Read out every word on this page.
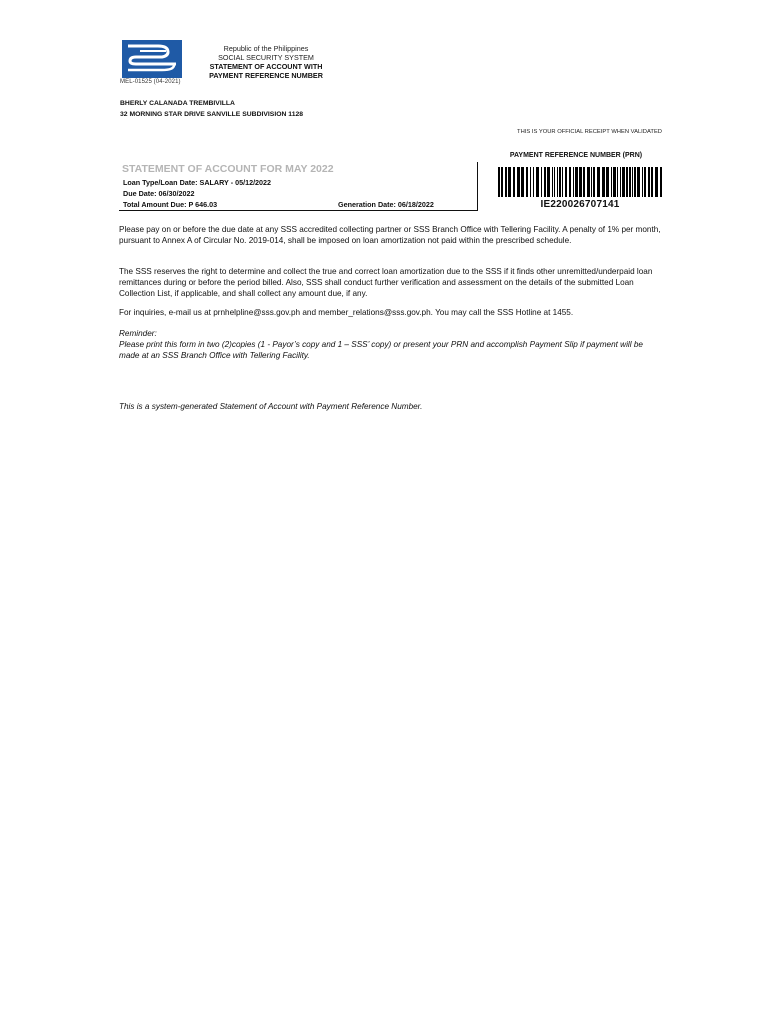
MEL-01525 (04-2021)
Republic of the Philippines
SOCIAL SECURITY SYSTEM
STATEMENT OF ACCOUNT WITH
PAYMENT REFERENCE NUMBER
BHERLY CALANADA TREMBIVILLA
32 MORNING STAR DRIVE SANVILLE SUBDIVISION 1128
THIS IS YOUR OFFICIAL RECEIPT WHEN VALIDATED
PAYMENT REFERENCE NUMBER (PRN)
IE220026707141
STATEMENT OF ACCOUNT FOR MAY 2022
Loan Type/Loan Date: SALARY - 05/12/2022
Due Date: 06/30/2022
Total Amount Due: P 646.03	Generation Date: 06/18/2022
Please pay on or before the due date at any SSS accredited collecting partner or SSS Branch Office with Tellering Facility. A penalty of 1% per month, pursuant to Annex A of Circular No. 2019-014, shall be imposed on loan amortization not paid within the prescribed schedule.
The SSS reserves the right to determine and collect the true and correct loan amortization due to the SSS if it finds other unremitted/underpaid loan remittances during or before the period billed. Also, SSS shall conduct further verification and assessment on the details of the submitted Loan Collection List, if applicable, and shall collect any amount due, if any.
For inquiries, e-mail us at prnhelpline@sss.gov.ph and member_relations@sss.gov.ph. You may call the SSS Hotline at 1455.
Reminder:
Please print this form in two (2)copies (1 - Payor’s copy and 1 – SSS’ copy) or present your PRN and accomplish Payment Slip if payment will be made at an SSS Branch Office with Tellering Facility.
This is a system-generated Statement of Account with Payment Reference Number.
